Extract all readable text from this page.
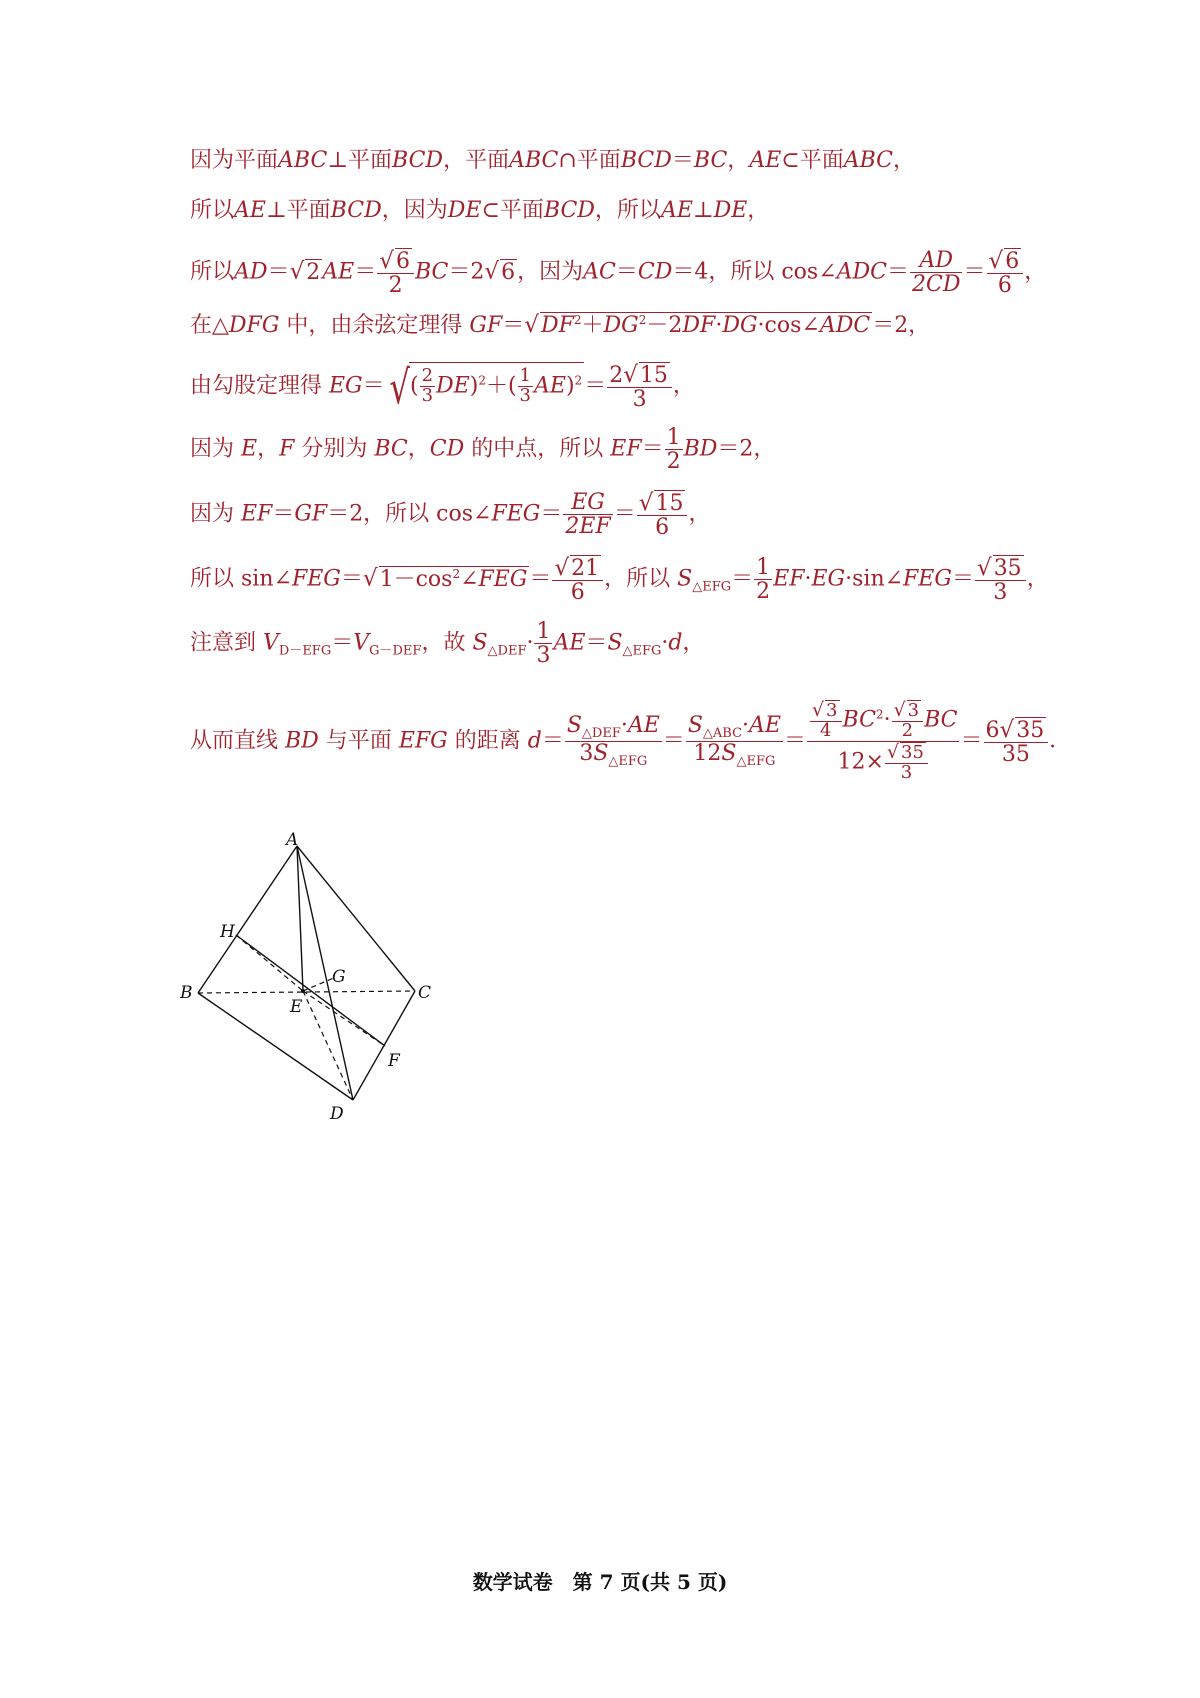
因为平面ABC⊥平面BCD，平面ABC∩平面BCD＝BC，AE⊂平面ABC，
所以AE⊥平面BCD，因为DE⊂平面BCD，所以AE⊥DE，
所以$AD=√2AE= \frac{√6}{2} BC=2√6$，因为AC＝CD＝4，所以 cos∠ADC＝ $\frac{AD}{2CD} = \frac{√6}{6}$ ，
在△DFG 中，由余弦定理得 $GF=√DF^2+DG^2-2DF\cdot DG\cdot\cos\angle ADC=2$，
由勾股定理得 $EG=√( \frac{2}{3} DE)^2+( \frac{1}{3} AE)^2= \frac{2√15}{3}$ ，
因为 E，F 分别为 BC，CD 的中点，所以 $EF= \frac{1}{2} BD=2$，
因为 EF＝GF＝2，所以 cos∠FEG＝ $\frac{EG}{2EF} = \frac{√15}{6}$ ，
所以 $\sin\angle FEG=√1-\cos^2\angle FEG= \frac{√21}{6}$ ，所以 $S_{\triangle EFG}= \frac{1}{2}$ EF·EG·sin∠FEG＝ $\frac{√35}{3}$ ，
注意到 $V_{D-EFG}=V_{G-DEF}$，故 $S_{\triangle DEF}\cdot \frac{1}{3} AE=S_{\triangle EFG}\cdot d$，
从而直线 BD 与平面 EFG 的距离 $d= \frac{S_{\triangle DEF}\cdot AE}{3S_{\triangle EFG}} = \frac{S_{\triangle ABC}\cdot AE}{12S_{\triangle EFG}} = \frac{\frac{√ 3}{4} BC^2\cdot \frac{√ 3}{2} BC}{12\times \frac{√ 35}{3}} = \frac{6√35}{35}$ ．
A
B	C
D
E
F
G
H
数学试卷　第 7 页(共 5 页)
